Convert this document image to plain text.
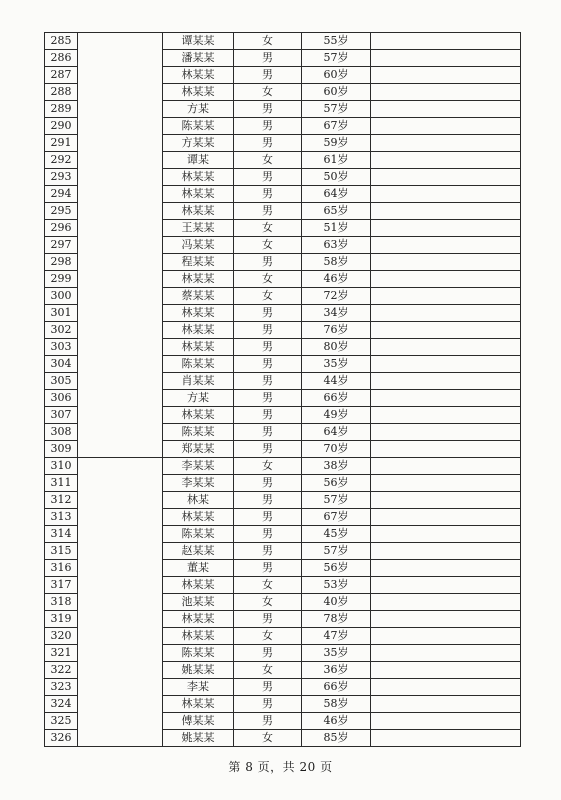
285		谭某某	女	55岁	
286		潘某某	男	57岁	
287		林某某	男	60岁	
288		林某某	女	60岁	
289		方某	男	57岁	
290		陈某某	男	67岁	
291		方某某	男	59岁	
292		谭某	女	61岁	
293		林某某	男	50岁	
294		林某某	男	64岁	
295		林某某	男	65岁	
296		王某某	女	51岁	
297		冯某某	女	63岁	
298		程某某	男	58岁	
299		林某某	女	46岁	
300		蔡某某	女	72岁	
301		林某某	男	34岁	
302		林某某	男	76岁	
303		林某某	男	80岁	
304		陈某某	男	35岁	
305		肖某某	男	44岁	
306		方某	男	66岁	
307		林某某	男	49岁	
308		陈某某	男	64岁	
309		郑某某	男	70岁	
310		李某某	女	38岁	
311		李某某	男	56岁	
312		林某	男	57岁	
313		林某某	男	67岁	
314		陈某某	男	45岁	
315		赵某某	男	57岁	
316		董某	男	56岁	
317		林某某	女	53岁	
318		池某某	女	40岁	
319		林某某	男	78岁	
320		林某某	女	47岁	
321		陈某某	男	35岁	
322		姚某某	女	36岁	
323		李某	男	66岁	
324		林某某	男	58岁	
325		傅某某	男	46岁	
326		姚某某	女	85岁	
第 8 页，共 20 页
